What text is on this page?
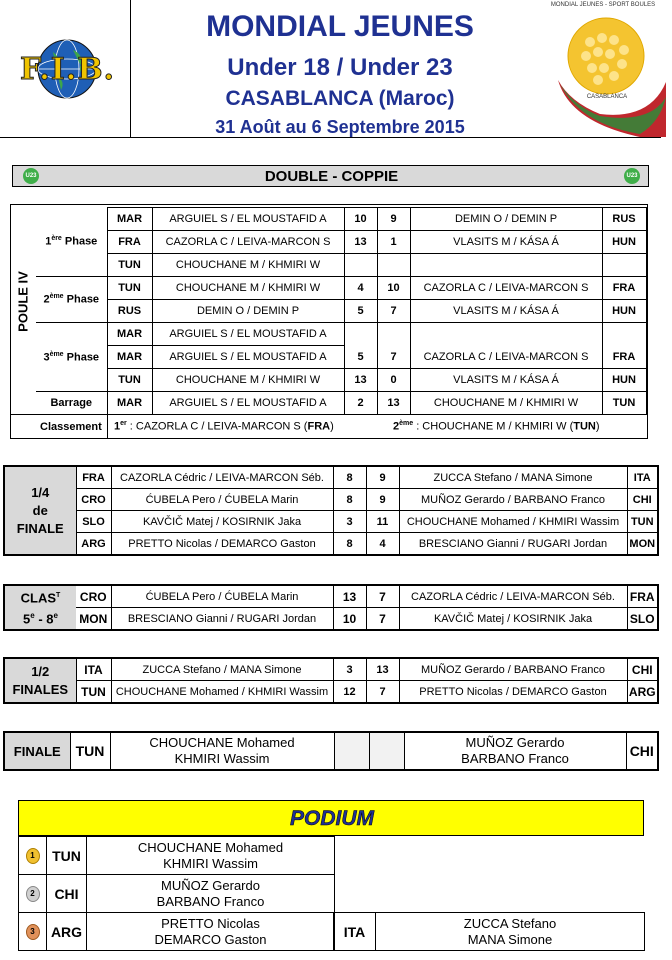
F.I.B.
MONDIAL JEUNES
Under 18 / Under 23
CASABLANCA (Maroc)
31 Août au 6 Septembre 2015
MONDIAL JEUNES - SPORT BOULES
CASABLANCA
U23	DOUBLE - COPPIE	U23
POULE IV
1ère Phase	MAR	ARGUIEL S / EL MOUSTAFID A	10	9	DEMIN O / DEMIN P	RUS
	FRA	CAZORLA C / LEIVA-MARCON S	13	1	VLASITS M / KÁSA Á	HUN
	TUN	CHOUCHANE M / KHMIRI W				
2ème Phase	TUN	CHOUCHANE M / KHMIRI W	4	10	CAZORLA C / LEIVA-MARCON S	FRA
	RUS	DEMIN O / DEMIN P	5	7	VLASITS M / KÁSA Á	HUN
3ème Phase	MAR	ARGUIEL S / EL MOUSTAFID A				
	MAR	ARGUIEL S / EL MOUSTAFID A	5	7	CAZORLA C / LEIVA-MARCON S	FRA
	TUN	CHOUCHANE M / KHMIRI W	13	0	VLASITS M / KÁSA Á	HUN
Barrage	MAR	ARGUIEL S / EL MOUSTAFID A	2	13	CHOUCHANE M / KHMIRI W	TUN
Classement 1er : CAZORLA C / LEIVA-MARCON S (FRA)	2ème : CHOUCHANE M / KHMIRI W (TUN)
1/4
de
FINALE	FRA	CAZORLA Cédric / LEIVA-MARCON Séb.	8	9	ZUCCA Stefano / MANA Simone	ITA
	CRO	ĆUBELA Pero / ĆUBELA Marin	8	9	MUÑOZ Gerardo / BARBANO Franco	CHI
	SLO	KAVČIČ Matej / KOSIRNIK Jaka	3	11	CHOUCHANE Mohamed / KHMIRI Wassim	TUN
	ARG	PRETTO Nicolas / DEMARCO Gaston	8	4	BRESCIANO Gianni / RUGARI Jordan	MON
$CLAS^T$
5e - 8e	CRO	ĆUBELA Pero / ĆUBELA Marin	13	7	CAZORLA Cédric / LEIVA-MARCON Séb.	FRA
	MON	BRESCIANO Gianni / RUGARI Jordan	10	7	KAVČIČ Matej / KOSIRNIK Jaka	SLO
1/2
FINALES	ITA	ZUCCA Stefano / MANA Simone	3	13	MUÑOZ Gerardo / BARBANO Franco	CHI
	TUN	CHOUCHANE Mohamed / KHMIRI Wassim	12	7	PRETTO Nicolas / DEMARCO Gaston	ARG
FINALE	TUN	CHOUCHANE Mohamed
KHMIRI Wassim			MUÑOZ Gerardo
BARBANO Franco	CHI
PODIUM
1	TUN	CHOUCHANE Mohamed
KHMIRI Wassim
2	CHI	MUÑOZ Gerardo
BARBANO Franco
3	ARG	PRETTO Nicolas
DEMARCO Gaston	ITA	ZUCCA Stefano
MANA Simone
